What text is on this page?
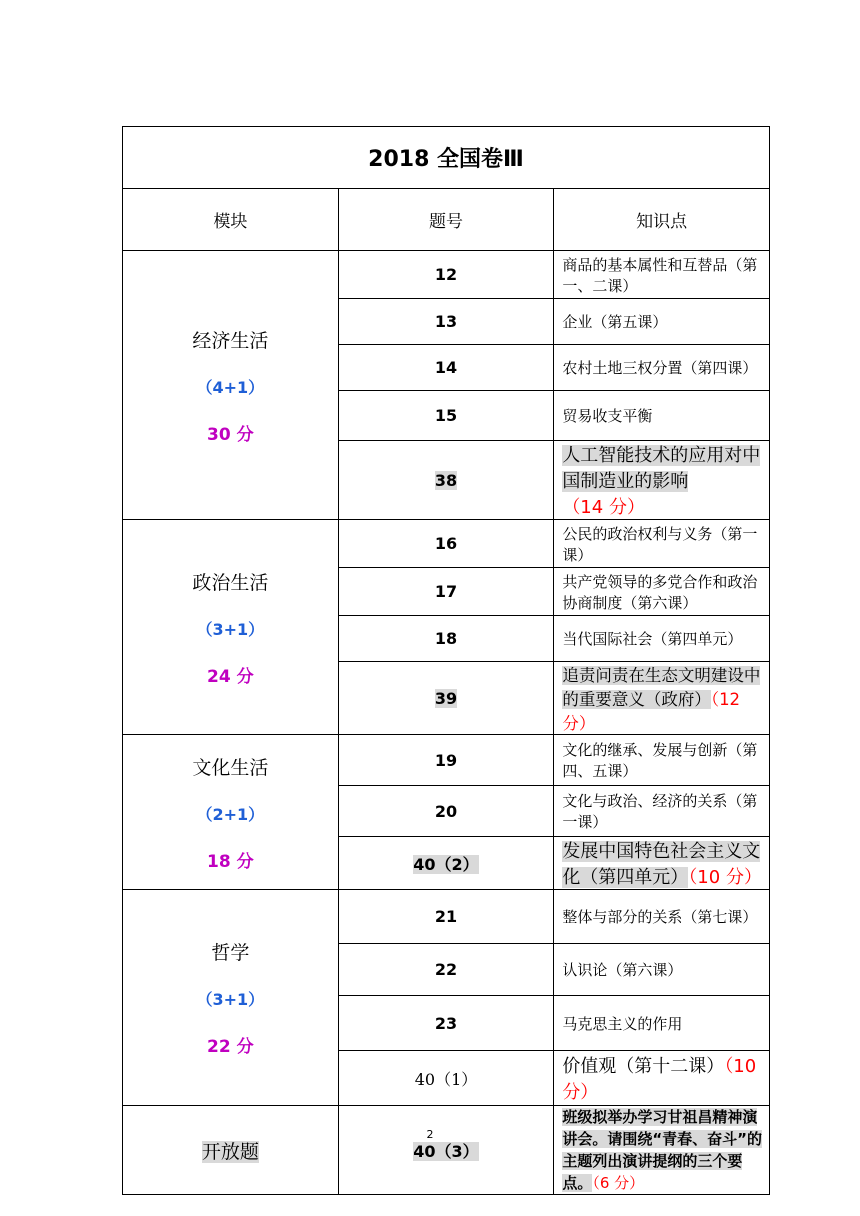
2018 全国卷Ⅲ		
模块	题号	知识点

经济生活
（4+1）
30 分	12	商品的基本属性和互替品（第一、二课）
	13	企业（第五课）
	14	农村土地三权分置（第四课）
	15	贸易收支平衡
	38	人工智能技术的应用对中国制造业的影响（14 分）

政治生活
（3+1）
24 分	16	公民的政治权利与义务（第一课）
	17	共产党领导的多党合作和政治协商制度（第六课）
	18	当代国际社会（第四单元）
	39	追责问责在生态文明建设中的重要意义（政府）（12 分）

文化生活
（2+1）
18 分	19	文化的继承、发展与创新（第四、五课）
	20	文化与政治、经济的关系（第一课）
	40（2）	发展中国特色社会主义文化（第四单元）（10 分）

哲学
（3+1）
22 分	21	整体与部分的关系（第七课）
	22	认识论（第六课）
	23	马克思主义的作用
	40（1）	价值观（第十二课）（10 分）
开放题	40（3）	班级拟举办学习甘祖昌精神演讲会。请围绕“青春、奋斗”的主题列出演讲提纲的三个要点。（6 分）
2
